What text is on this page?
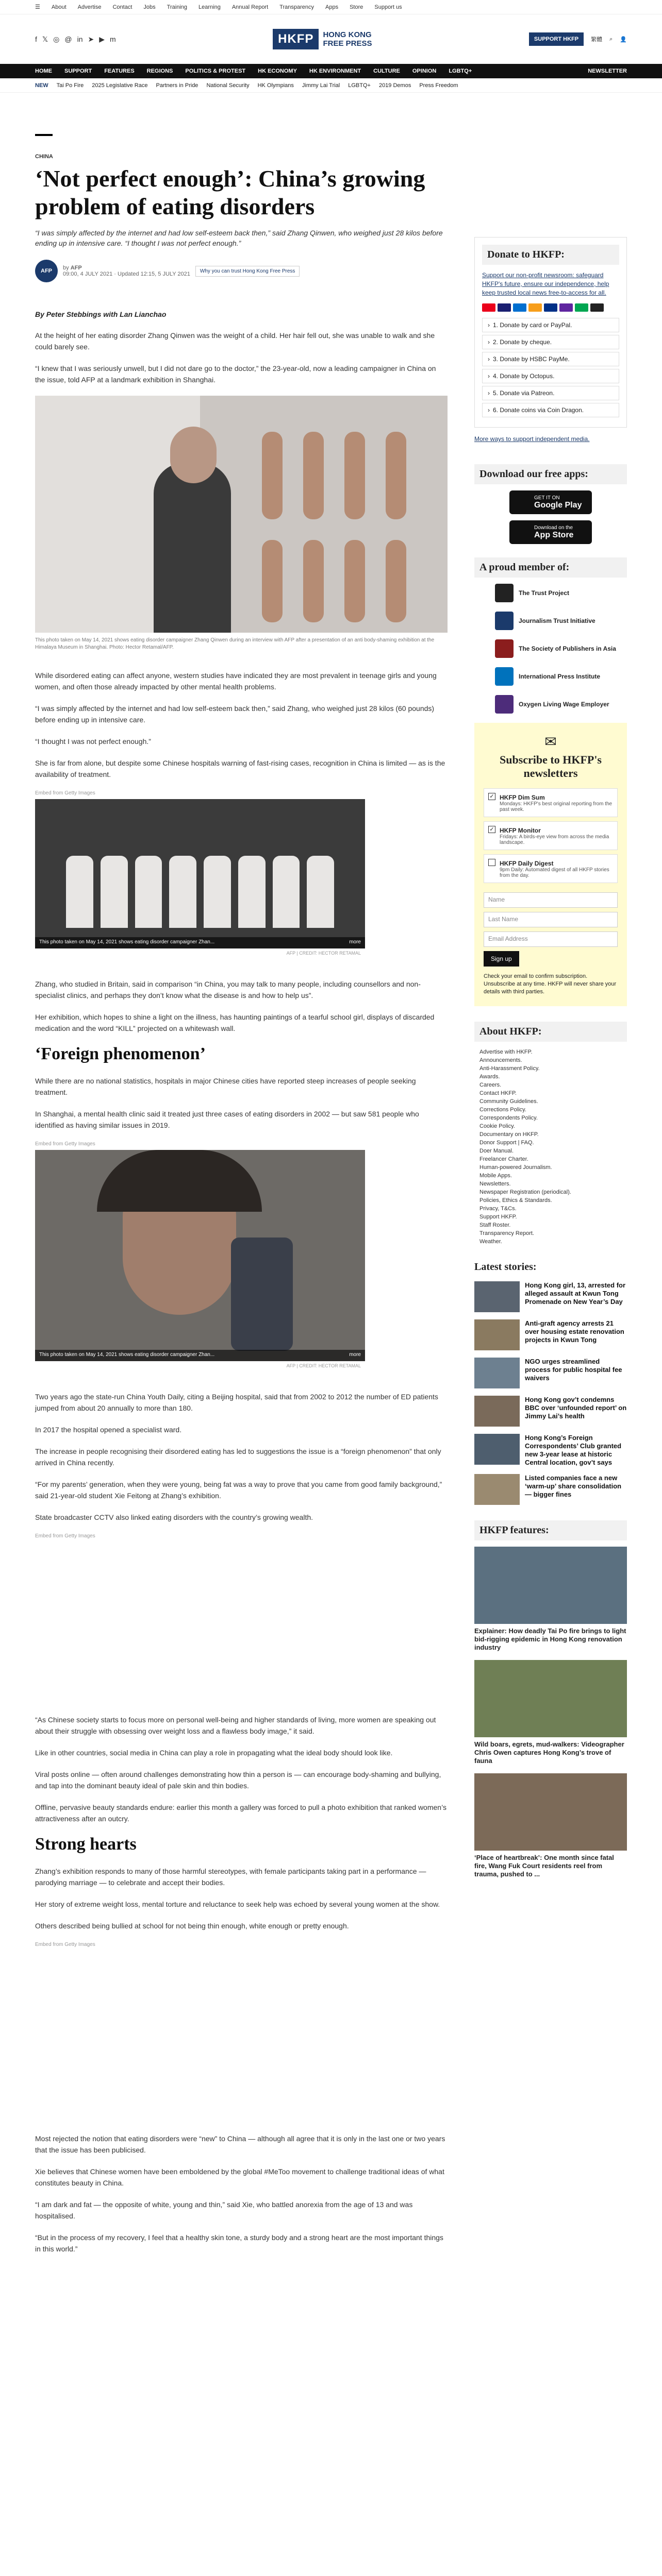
☰ About Advertise Contact Jobs Training Learning Annual Report Transparency Apps Store Support us
f 𝕏 ◎ @ in ➤ ▶ m	HKFP	HONG KONG
FREE PRESS	SUPPORT HKFP	繁體 ⌕ 👤
HOME SUPPORT FEATURES REGIONS POLITICS & PROTEST HK ECONOMY HK ENVIRONMENT CULTURE OPINION LGBTQ+	NEWSLETTER
NEW Tai Po Fire 2025 Legislative Race Partners in Pride National Security HK Olympians Jimmy Lai Trial LGBTQ+ 2019 Demos Press Freedom
CHINA
‘Not perfect enough’: China’s growing problem of eating disorders
“I was simply affected by the internet and had low self-esteem back then,” said Zhang Qinwen, who weighed just 28 kilos before ending up in intensive care. “I thought I was not perfect enough.”
AFP	by AFP
09:00, 4 JULY 2021 · Updated 12:15, 5 JULY 2021	Why you can trust Hong Kong Free Press
By Peter Stebbings with Lan Lianchao

At the height of her eating disorder Zhang Qinwen was the weight of a child. Her hair fell out, she was unable to walk and she could barely see.

“I knew that I was seriously unwell, but I did not dare go to the doctor,” the 23-year-old, now a leading campaigner in China on the issue, told AFP at a landmark exhibition in Shanghai.

This photo taken on May 14, 2021 shows eating disorder campaigner Zhang Qinwen during an interview with AFP after a presentation of an anti body-shaming exhibition at the Himalaya Museum in Shanghai. Photo: Hector Retamal/AFP.

While disordered eating can affect anyone, western studies have indicated they are most prevalent in teenage girls and young women, and often those already impacted by other mental health problems.

“I was simply affected by the internet and had low self-esteem back then,” said Zhang, who weighed just 28 kilos (60 pounds) before ending up in intensive care.

“I thought I was not perfect enough.”

She is far from alone, but despite some Chinese hospitals warning of fast-rising cases, recognition in China is limited — as is the availability of treatment.

Embed from Getty Images
This photo taken on May 14, 2021 shows eating disorder campaigner Zhan...	more
AFP | CREDIT: HECTOR RETAMAL

Zhang, who studied in Britain, said in comparison “in China, you may talk to many people, including counsellors and non-specialist clinics, and perhaps they don’t know what the disease is and how to help us”.

Her exhibition, which hopes to shine a light on the illness, has haunting paintings of a tearful school girl, displays of discarded medication and the word “KILL” projected on a whitewash wall.

‘Foreign phenomenon’

While there are no national statistics, hospitals in major Chinese cities have reported steep increases of people seeking treatment.

In Shanghai, a mental health clinic said it treated just three cases of eating disorders in 2002 — but saw 581 people who identified as having similar issues in 2019.

Embed from Getty Images
This photo taken on May 14, 2021 shows eating disorder campaigner Zhan...	more
AFP | CREDIT: HECTOR RETAMAL

Two years ago the state-run China Youth Daily, citing a Beijing hospital, said that from 2002 to 2012 the number of ED patients jumped from about 20 annually to more than 180.

In 2017 the hospital opened a specialist ward.

The increase in people recognising their disordered eating has led to suggestions the issue is a “foreign phenomenon” that only arrived in China recently.

“For my parents’ generation, when they were young, being fat was a way to prove that you came from good family background,” said 21-year-old student Xie Feitong at Zhang’s exhibition.

State broadcaster CCTV also linked eating disorders with the country’s growing wealth.

Embed from Getty Images

“As Chinese society starts to focus more on personal well-being and higher standards of living, more women are speaking out about their struggle with obsessing over weight loss and a flawless body image,” it said.

Like in other countries, social media in China can play a role in propagating what the ideal body should look like.

Viral posts online — often around challenges demonstrating how thin a person is — can encourage body-shaming and bullying, and tap into the dominant beauty ideal of pale skin and thin bodies.

Offline, pervasive beauty standards endure: earlier this month a gallery was forced to pull a photo exhibition that ranked women’s attractiveness after an outcry.

Strong hearts

Zhang’s exhibition responds to many of those harmful stereotypes, with female participants taking part in a performance — parodying marriage — to celebrate and accept their bodies.

Her story of extreme weight loss, mental torture and reluctance to seek help was echoed by several young women at the show.

Others described being bullied at school for not being thin enough, white enough or pretty enough.

Embed from Getty Images

Most rejected the notion that eating disorders were “new” to China — although all agree that it is only in the last one or two years that the issue has been publicised.

Xie believes that Chinese women have been emboldened by the global #MeToo movement to challenge traditional ideas of what constitutes beauty in China.

“I am dark and fat — the opposite of white, young and thin,” said Xie, who battled anorexia from the age of 13 and was hospitalised.

“But in the process of my recovery, I feel that a healthy skin tone, a sturdy body and a strong heart are the most important things in this world.”

Donate to HKFP:
Support our non-profit newsroom: safeguard HKFP's future, ensure our independence, help keep trusted local news free-to-access for all.
› 1. Donate by card or PayPal.
› 2. Donate by cheque.
› 3. Donate by HSBC PayMe.
› 4. Donate by Octopus.
› 5. Donate via Patreon.
› 6. Donate coins via Coin Dragon.
More ways to support independent media.
Download our free apps:
GET IT ON
Google Play
Download on the
App Store
A proud member of:
The Trust Project
Journalism Trust Initiative
The Society of Publishers in Asia
International Press Institute
Oxygen Living Wage Employer
✉
Subscribe to HKFP's newsletters
✓ HKFP Dim Sum
Mondays: HKFP's best original reporting from the past week.
✓ HKFP Monitor
Fridays: A birds-eye view from across the media landscape.
HKFP Daily Digest
9pm Daily: Automated digest of all HKFP stories from the day.
Name
Last Name
Email Address
Sign up
Check your email to confirm subscription. Unsubscribe at any time. HKFP will never share your details with third parties.
About HKFP:
Advertise with HKFP.
Announcements.
Anti-Harassment Policy.
Awards.
Careers.
Contact HKFP.
Community Guidelines.
Corrections Policy.
Correspondents Policy.
Cookie Policy.
Documentary on HKFP.
Donor Support | FAQ.
Doer Manual.
Freelancer Charter.
Human-powered Journalism.
Mobile Apps.
Newsletters.
Newspaper Registration (periodical).
Policies, Ethics & Standards.
Privacy, T&Cs.
Support HKFP.
Staff Roster.
Transparency Report.
Weather.
Latest stories:
Hong Kong girl, 13, arrested for alleged assault at Kwun Tong Promenade on New Year’s Day
Anti-graft agency arrests 21 over housing estate renovation projects in Kwun Tong
NGO urges streamlined process for public hospital fee waivers
Hong Kong gov’t condemns BBC over ‘unfounded report’ on Jimmy Lai’s health
Hong Kong’s Foreign Correspondents’ Club granted new 3-year lease at historic Central location, gov’t says
Listed companies face a new ‘warm-up’ share consolidation — bigger fines
HKFP features:
Explainer: How deadly Tai Po fire brings to light bid-rigging epidemic in Hong Kong renovation industry
Wild boars, egrets, mud-walkers: Videographer Chris Owen captures Hong Kong’s trove of fauna
‘Place of heartbreak’: One month since fatal fire, Wang Fuk Court residents reel from trauma, pushed to ...
